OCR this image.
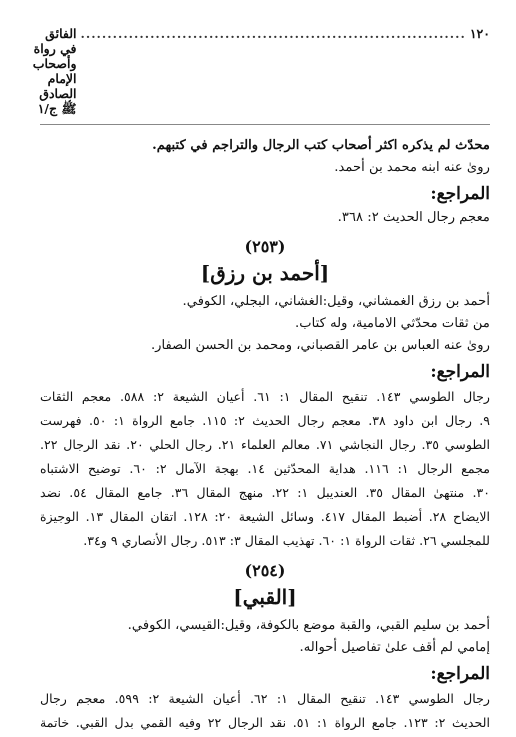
١٢٠
........................................................................
الفائق في رواة وأصحاب الإمام الصادق ﷺ ج/١
محدّث لم يذكره اكثر أصحاب كتب الرجال والتراجم في كتبهم.
رویٰ عنه ابنه محمد بن أحمد.
المراجع:
معجم رجال الحديث ٢: ٣٦٨.
(٢٥٣)
[أحمد بن رزق]
أحمد بن رزق الغمشاني، وقيل:الغشاني، البجلي، الكوفي.
من ثقات محدّثي الامامية، وله كتاب.
رویٰ عنه العباس بن عامر القصباني، ومحمد بن الحسن الصفار.
المراجع:
رجال الطوسي ١٤٣. تنقيح المقال ١: ٦١. أعيان الشيعة ٢: ٥٨٨. معجم الثقات
٩. رجال ابن داود ٣٨. معجم رجال الحديث ٢: ١١٥. جامع الرواة ١: ٥٠. فهرست
الطوسي ٣٥. رجال النجاشي ٧١. معالم العلماء ٢١. رجال الحلي ٢٠. نقد الرجال ٢٢.
مجمع الرجال ١: ١١٦. هداية المحدّثين ١٤. بهجة الآمال ٢: ٦٠. توضيح الاشتباه
٣٠. منتهیٰ المقال ٣٥. العنديبل ١: ٢٢. منهج المقال ٣٦. جامع المقال ٥٤. نضد
الايضاح ٢٨. أضبط المقال ٤١٧. وسائل الشيعة ٢٠: ١٢٨. اتقان المقال ١٣. الوجيزة
للمجلسي ٢٦. ثقات الرواة ١: ٦٠. تهذيب المقال ٣: ٥١٣. رجال الأنصاري ٩ و٣٤.
(٢٥٤)
[القبي]
أحمد بن سليم القبي، والقبة موضع بالكوفة، وقيل:القيسي، الكوفي.
إمامي لم أقف علىٰ تفاصيل أحواله.
المراجع:
رجال الطوسي ١٤٣. تنقيح المقال ١: ٦٢. أعيان الشيعة ٢: ٥٩٩. معجم رجال
الحديث ٢: ١٢٣. جامع الرواة ١: ٥١. نقد الرجال ٢٢ وفيه القمي بدل القبي. خاتمة
